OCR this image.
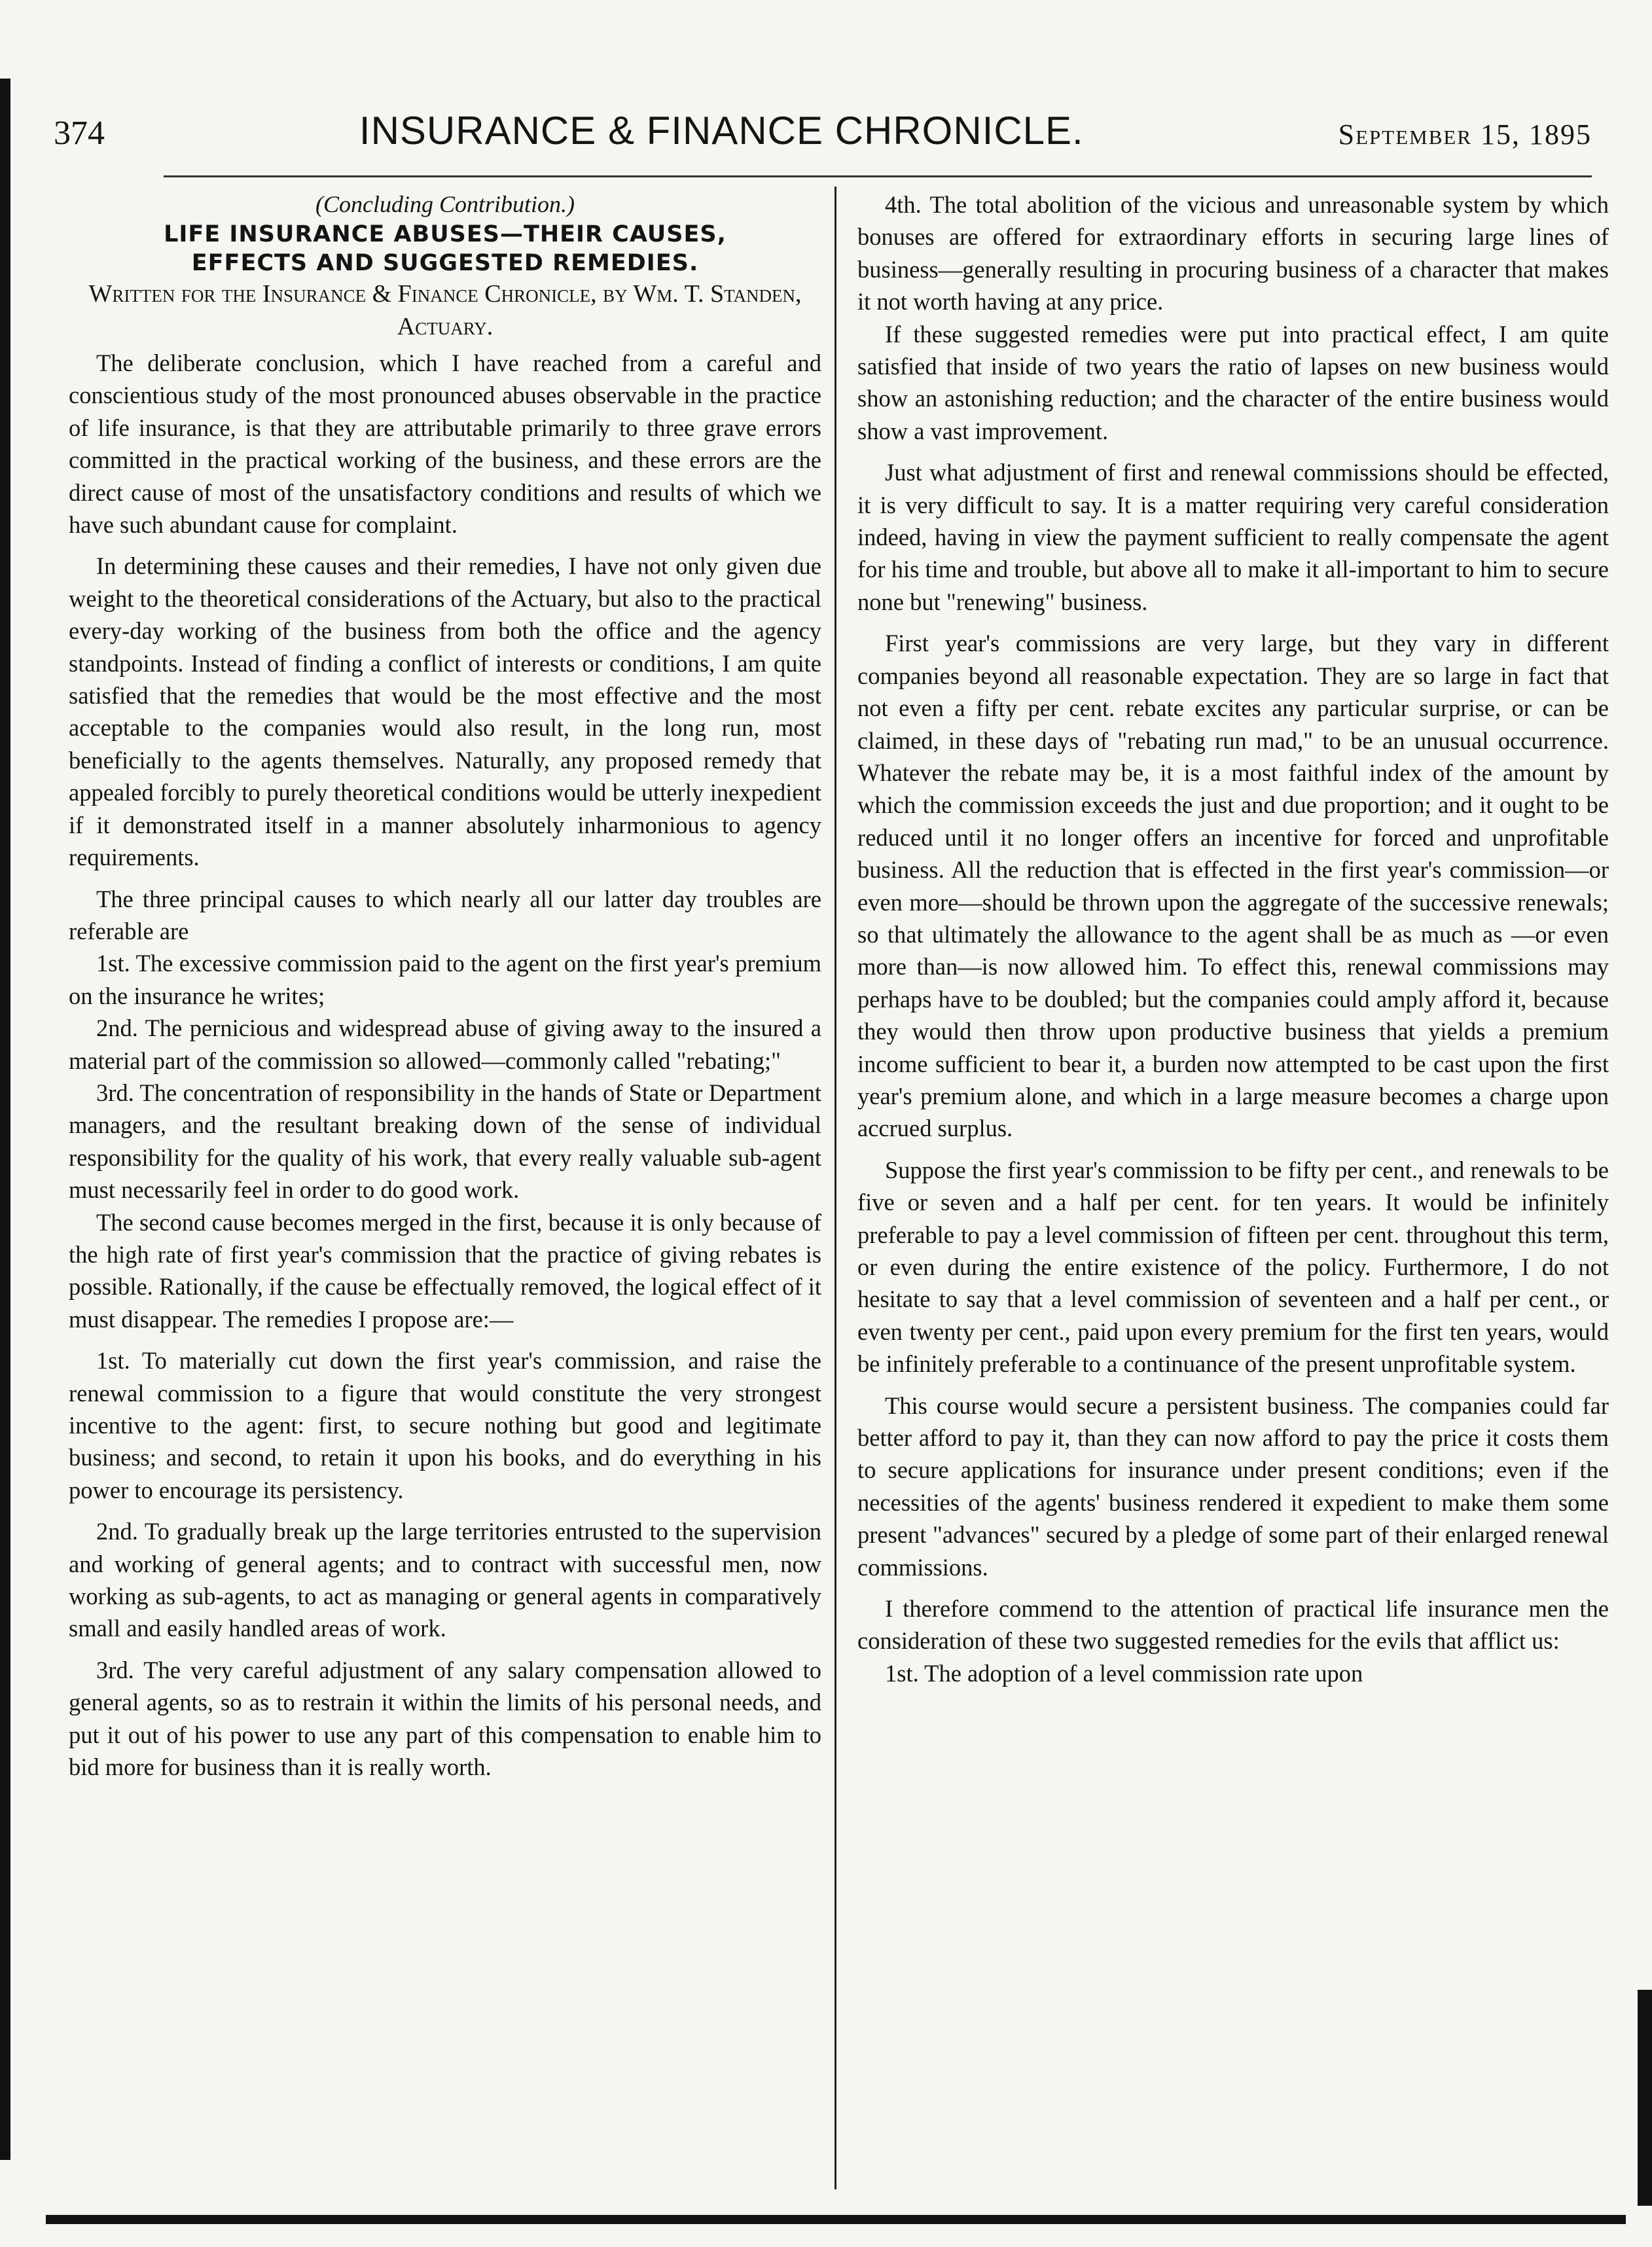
374	INSURANCE & FINANCE CHRONICLE.	September 15, 1895
(Concluding Contribution.)
LIFE INSURANCE ABUSES—THEIR CAUSES,
EFFECTS AND SUGGESTED REMEDIES.
Written for the Insurance & Finance Chronicle, by Wm. T. Standen, Actuary.

The deliberate conclusion, which I have reached from a careful and conscientious study of the most pronounced abuses observable in the practice of life insurance, is that they are attributable primarily to three grave errors committed in the practical working of the business, and these errors are the direct cause of most of the unsatisfactory conditions and results of which we have such abundant cause for complaint.

In determining these causes and their remedies, I have not only given due weight to the theoretical considerations of the Actuary, but also to the practical every-day working of the business from both the office and the agency standpoints. Instead of finding a conflict of interests or conditions, I am quite satisfied that the remedies that would be the most effective and the most acceptable to the companies would also result, in the long run, most beneficially to the agents themselves. Naturally, any proposed remedy that appealed forcibly to purely theoretical conditions would be utterly inexpedient if it demonstrated itself in a manner absolutely inharmonious to agency requirements.

The three principal causes to which nearly all our latter day troubles are referable are

1st. The excessive commission paid to the agent on the first year's premium on the insurance he writes;

2nd. The pernicious and widespread abuse of giving away to the insured a material part of the commission so allowed—commonly called "rebating;"

3rd. The concentration of responsibility in the hands of State or Department managers, and the resultant breaking down of the sense of individual responsibility for the quality of his work, that every really valuable sub-agent must necessarily feel in order to do good work.

The second cause becomes merged in the first, because it is only because of the high rate of first year's commission that the practice of giving rebates is possible. Rationally, if the cause be effectually removed, the logical effect of it must disappear. The remedies I propose are:—

1st. To materially cut down the first year's commission, and raise the renewal commission to a figure that would constitute the very strongest incentive to the agent: first, to secure nothing but good and legitimate business; and second, to retain it upon his books, and do everything in his power to encourage its persistency.

2nd. To gradually break up the large territories entrusted to the supervision and working of general agents; and to contract with successful men, now working as sub-agents, to act as managing or general agents in comparatively small and easily handled areas of work.

3rd. The very careful adjustment of any salary compensation allowed to general agents, so as to restrain it within the limits of his personal needs, and put it out of his power to use any part of this compensation to enable him to bid more for business than it is really worth.

4th. The total abolition of the vicious and unreasonable system by which bonuses are offered for extraordinary efforts in securing large lines of business—generally resulting in procuring business of a character that makes it not worth having at any price.

If these suggested remedies were put into practical effect, I am quite satisfied that inside of two years the ratio of lapses on new business would show an astonishing reduction; and the character of the entire business would show a vast improvement.

Just what adjustment of first and renewal commissions should be effected, it is very difficult to say. It is a matter requiring very careful consideration indeed, having in view the payment sufficient to really compensate the agent for his time and trouble, but above all to make it all-important to him to secure none but "renewing" business.

First year's commissions are very large, but they vary in different companies beyond all reasonable expectation. They are so large in fact that not even a fifty per cent. rebate excites any particular surprise, or can be claimed, in these days of "rebating run mad," to be an unusual occurrence. Whatever the rebate may be, it is a most faithful index of the amount by which the commission exceeds the just and due proportion; and it ought to be reduced until it no longer offers an incentive for forced and unprofitable business. All the reduction that is effected in the first year's commission—or even more—should be thrown upon the aggregate of the successive renewals; so that ultimately the allowance to the agent shall be as much as —or even more than—is now allowed him. To effect this, renewal commissions may perhaps have to be doubled; but the companies could amply afford it, because they would then throw upon productive business that yields a premium income sufficient to bear it, a burden now attempted to be cast upon the first year's premium alone, and which in a large measure becomes a charge upon accrued surplus.

Suppose the first year's commission to be fifty per cent., and renewals to be five or seven and a half per cent. for ten years. It would be infinitely preferable to pay a level commission of fifteen per cent. throughout this term, or even during the entire existence of the policy. Furthermore, I do not hesitate to say that a level commission of seventeen and a half per cent., or even twenty per cent., paid upon every premium for the first ten years, would be infinitely preferable to a continuance of the present unprofitable system.

This course would secure a persistent business. The companies could far better afford to pay it, than they can now afford to pay the price it costs them to secure applications for insurance under present conditions; even if the necessities of the agents' business rendered it expedient to make them some present "advances" secured by a pledge of some part of their enlarged renewal commissions.

I therefore commend to the attention of practical life insurance men the consideration of these two suggested remedies for the evils that afflict us:

1st. The adoption of a level commission rate upon
